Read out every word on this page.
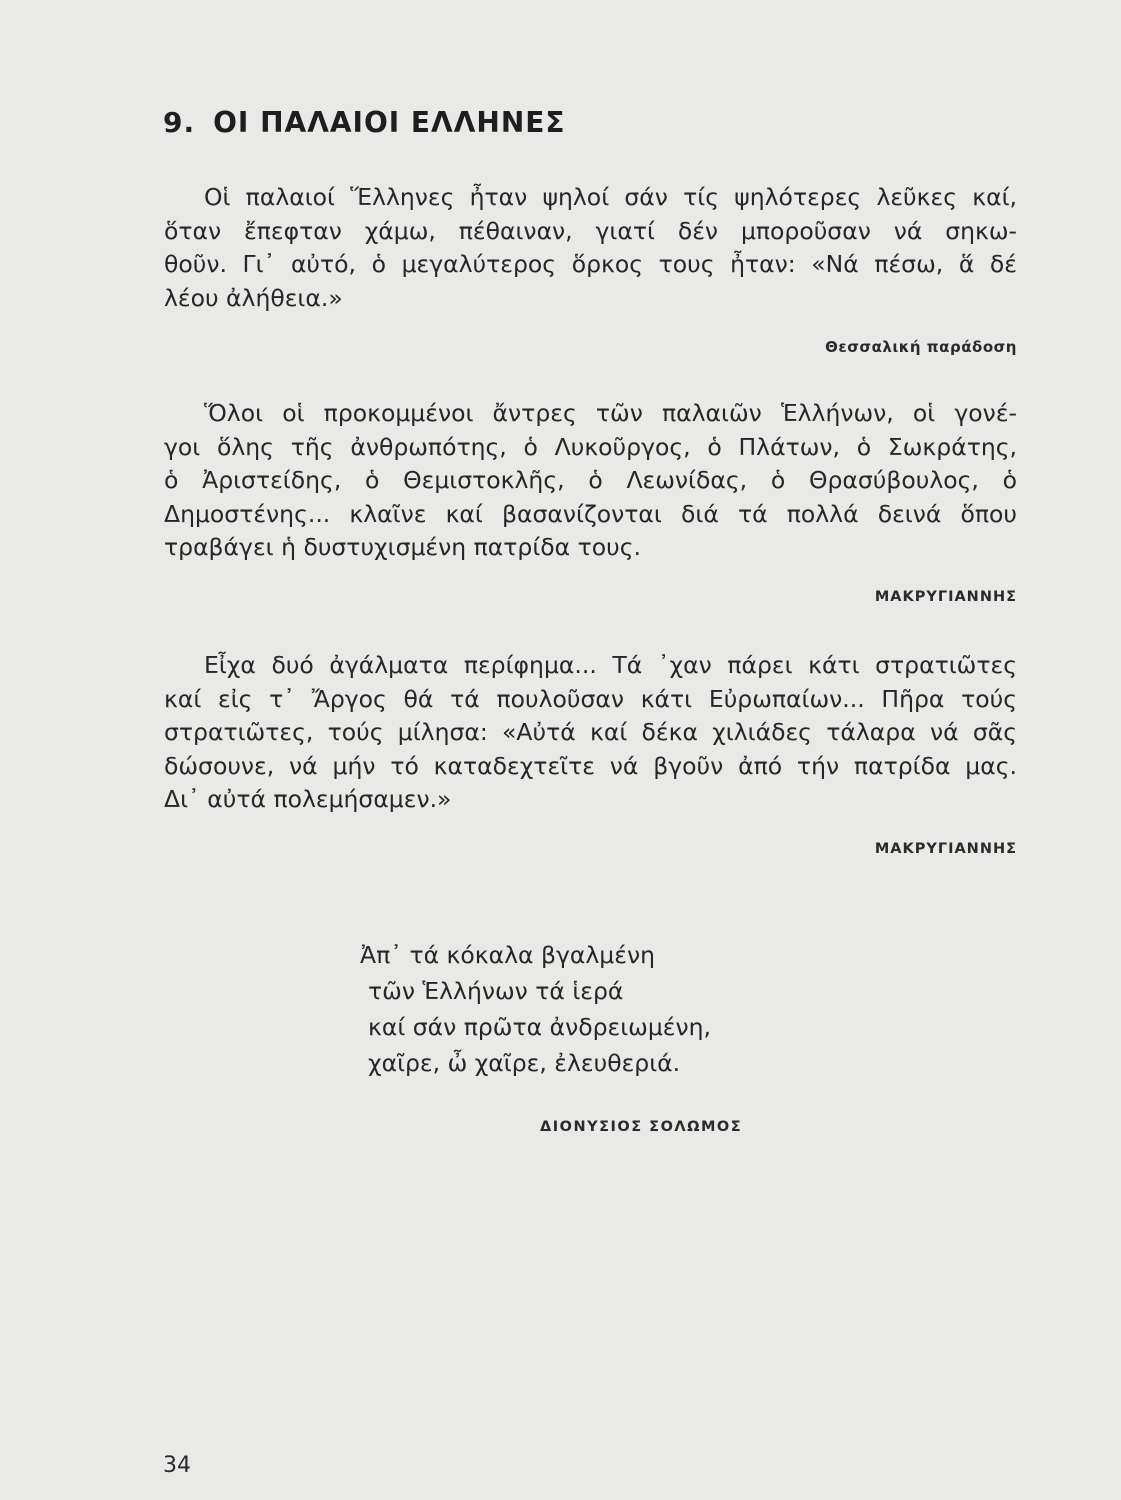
9. ΟΙ ΠΑΛΑΙΟΙ ΕΛΛΗΝΕΣ

Οἱ παλαιοί Ἕλληνες ἦταν ψηλοί σάν τίς ψηλότερες λεῦκες καί,
ὅταν ἔπεφταν χάμω, πέθαιναν, γιατί δέν μποροῦσαν νά σηκω-
θοῦν. Γι᾽ αὐτό, ὁ μεγαλύτερος ὅρκος τους ἦταν: «Νά πέσω, ἅ δέ
λέου ἀλήθεια.»

Θεσσαλική παράδοση

Ὅλοι οἱ προκομμένοι ἄντρες τῶν παλαιῶν Ἑλλήνων, οἱ γονέ-
γοι ὅλης τῆς ἀνθρωπότης, ὁ Λυκοῦργος, ὁ Πλάτων, ὁ Σωκράτης,
ὁ Ἀριστείδης, ὁ Θεμιστοκλῆς, ὁ Λεωνίδας, ὁ Θρασύβουλος, ὁ
Δημοστένης... κλαῖνε καί βασανίζονται διά τά πολλά δεινά ὅπου
τραβάγει ἡ δυστυχισμένη πατρίδα τους.

ΜΑΚΡΥΓΙΑΝΝΗΣ

Εἶχα δυό ἀγάλματα περίφημα... Τά ᾽χαν πάρει κάτι στρατιῶτες
καί εἰς τ᾽ Ἄργος θά τά πουλοῦσαν κάτι Εὐρωπαίων... Πῆρα τούς
στρατιῶτες, τούς μίλησα: «Αὐτά καί δέκα χιλιάδες τάλαρα νά σᾶς
δώσουνε, νά μήν τό καταδεχτεῖτε νά βγοῦν ἀπό τήν πατρίδα μας.
Δι᾽ αὐτά πολεμήσαμεν.»

ΜΑΚΡΥΓΙΑΝΝΗΣ

Ἀπ᾽ τά κόκαλα βγαλμένη
τῶν Ἑλλήνων τά ἱερά
καί σάν πρῶτα ἀνδρειωμένη,
χαῖρε, ὦ χαῖρε, ἐλευθεριά.

ΔΙΟΝΥΣΙΟΣ ΣΟΛΩΜΟΣ
34
